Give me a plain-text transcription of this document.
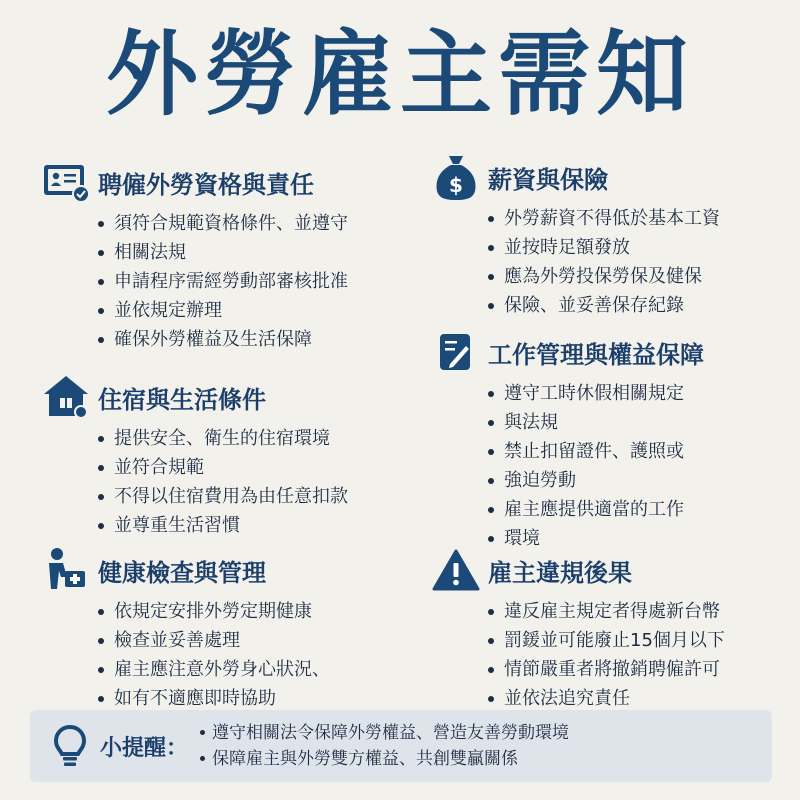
外勞雇主需知
聘僱外勞資格與責任
須符合規範資格條件、並遵守
相關法規
申請程序需經勞動部審核批准
並依規定辦理
確保外勞權益及生活保障
$ 薪資與保險
外勞薪資不得低於基本工資
並按時足額發放
應為外勞投保勞保及健保
保險、並妥善保存紀錄
工作管理與權益保障
遵守工時休假相關規定
與法規
禁止扣留證件、護照或
強迫勞動
雇主應提供適當的工作
環境
住宿與生活條件
提供安全、衛生的住宿環境
並符合規範
不得以住宿費用為由任意扣款
並尊重生活習慣
健康檢查與管理
依規定安排外勞定期健康
檢查並妥善處理
雇主應注意外勞身心狀況、
如有不適應即時協助
雇主違規後果
違反雇主規定者得處新台幣
罰鍰並可能廢止15個月以下
情節嚴重者將撤銷聘僱許可
並依法追究責任
小提醒：
遵守相關法令保障外勞權益、營造友善勞動環境
保障雇主與外勞雙方權益、共創雙贏關係
